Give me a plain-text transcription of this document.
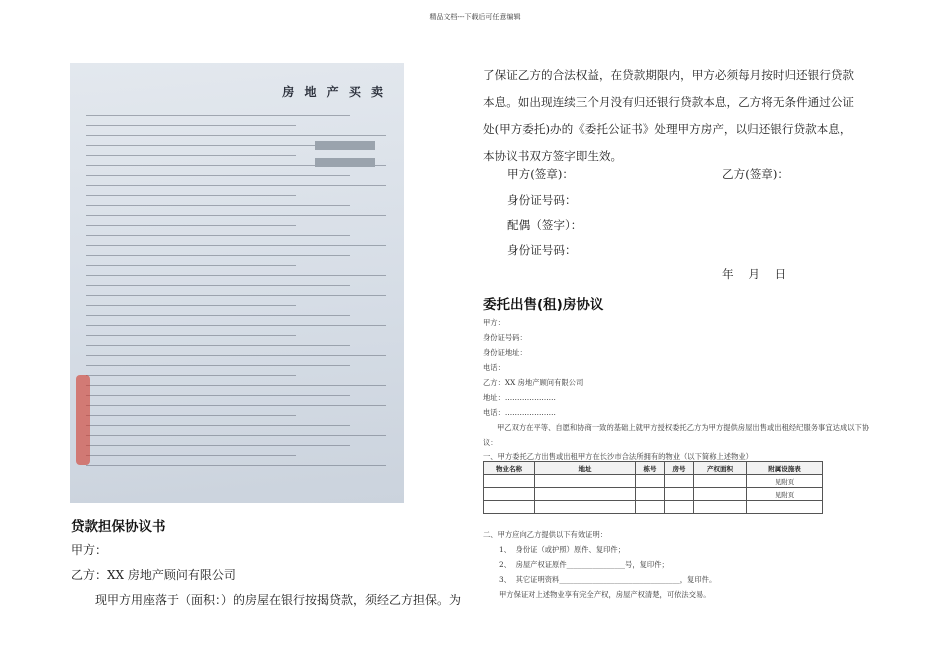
精品文档---下载后可任意编辑
房 地 产 买 卖
贷款担保协议书
甲方：
乙方：XX 房地产顾问有限公司
现甲方用座落于（面积：）的房屋在银行按揭贷款，须经乙方担保。为
了保证乙方的合法权益，在贷款期限内，甲方必须每月按时归还银行贷款
本息。如出现连续三个月没有归还银行贷款本息，乙方将无条件通过公证
处(甲方委托)办的《委托公证书》处理甲方房产，以归还银行贷款本息，
本协议书双方签字即生效。
甲方(签章)：	乙方(签章)：
身份证号码：
配偶（签字）：
身份证号码：
年    月    日
委托出售(租)房协议
甲方：
身份证号码：
身份证地址：
电话：
乙方：XX 房地产顾问有限公司
地址：…………………
电话：…………………
甲乙双方在平等、自愿和协商一致的基础上就甲方授权委托乙方为甲方提供房屋出售或出租经纪服务事宜达成以下协议：
一、甲方委托乙方出售或出租甲方在长沙市合法所拥有的物业（以下简称上述物业）
物业名称	地址	栋号	房号	产权面积	附属设施表
					见附页
					见附页

二、甲方应向乙方提供以下有效证明：
1、  身份证（或护照）原件、复印件；
2、  房屋产权证原件________________号，复印件；
3、  其它证明资料_________________________________，复印件。
甲方保证对上述物业享有完全产权，房屋产权清楚，可依法交易。
